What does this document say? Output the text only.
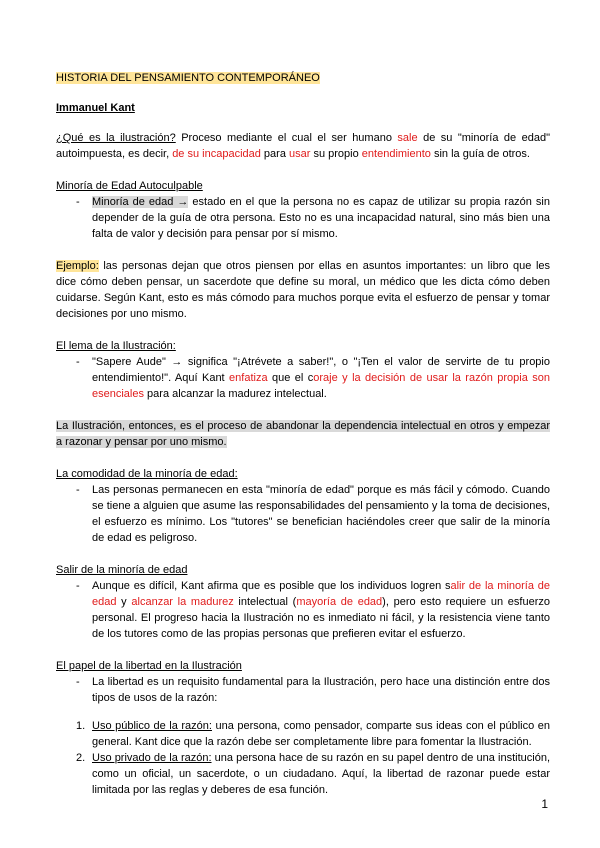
HISTORIA DEL PENSAMIENTO CONTEMPORÁNEO

Immanuel Kant

¿Qué es la ilustración? Proceso mediante el cual el ser humano sale de su "minoría de edad" autoimpuesta, es decir, de su incapacidad para usar su propio entendimiento sin la guía de otros.

Minoría de Edad Autoculpable

-	Minoría de edad → estado en el que la persona no es capaz de utilizar su propia razón sin depender de la guía de otra persona. Esto no es una incapacidad natural, sino más bien una falta de valor y decisión para pensar por sí mismo.

Ejemplo: las personas dejan que otros piensen por ellas en asuntos importantes: un libro que les dice cómo deben pensar, un sacerdote que define su moral, un médico que les dicta cómo deben cuidarse. Según Kant, esto es más cómodo para muchos porque evita el esfuerzo de pensar y tomar decisiones por uno mismo.

El lema de la Ilustración:

-	"Sapere Aude" → significa "¡Atrévete a saber!", o "¡Ten el valor de servirte de tu propio entendimiento!". Aquí Kant enfatiza que el coraje y la decisión de usar la razón propia son esenciales para alcanzar la madurez intelectual.

La Ilustración, entonces, es el proceso de abandonar la dependencia intelectual en otros y empezar a razonar y pensar por uno mismo.

La comodidad de la minoría de edad:

-	Las personas permanecen en esta "minoría de edad" porque es más fácil y cómodo. Cuando se tiene a alguien que asume las responsabilidades del pensamiento y la toma de decisiones, el esfuerzo es mínimo. Los "tutores" se benefician haciéndoles creer que salir de la minoría de edad es peligroso.

Salir de la minoría de edad

-	Aunque es difícil, Kant afirma que es posible que los individuos logren salir de la minoría de edad y alcanzar la madurez intelectual (mayoría de edad), pero esto requiere un esfuerzo personal. El progreso hacia la Ilustración no es inmediato ni fácil, y la resistencia viene tanto de los tutores como de las propias personas que prefieren evitar el esfuerzo.

El papel de la libertad en la Ilustración

-	La libertad es un requisito fundamental para la Ilustración, pero hace una distinción entre dos tipos de usos de la razón:
1. Uso público de la razón: una persona, como pensador, comparte sus ideas con el público en general. Kant dice que la razón debe ser completamente libre para fomentar la Ilustración.
2. Uso privado de la razón: una persona hace de su razón en su papel dentro de una institución, como un oficial, un sacerdote, o un ciudadano. Aquí, la libertad de razonar puede estar limitada por las reglas y deberes de esa función.
1
